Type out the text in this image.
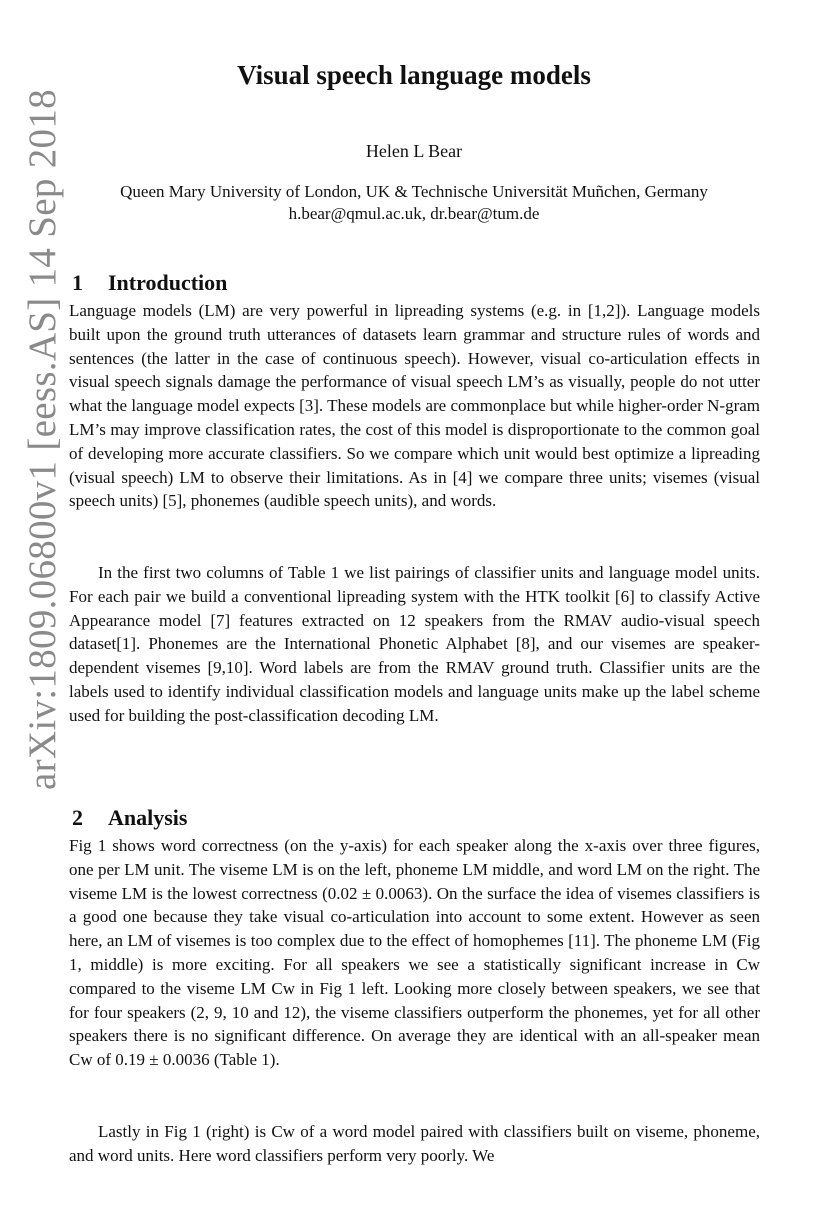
arXiv:1809.06800v1 [eess.AS] 14 Sep 2018
Visual speech language models
Helen L Bear
Queen Mary University of London, UK & Technische Universität Muñchen, Germany
h.bear@qmul.ac.uk, dr.bear@tum.de
1 Introduction

Language models (LM) are very powerful in lipreading systems (e.g. in [1,2]). Language models built upon the ground truth utterances of datasets learn grammar and structure rules of words and sentences (the latter in the case of continuous speech). However, visual co-articulation effects in visual speech signals damage the performance of visual speech LM’s as visually, people do not utter what the language model expects [3]. These models are commonplace but while higher-order N-gram LM’s may improve classification rates, the cost of this model is disproportionate to the common goal of developing more accurate classifiers. So we compare which unit would best optimize a lipreading (visual speech) LM to observe their limitations. As in [4] we compare three units; visemes (visual speech units) [5], phonemes (audible speech units), and words.

In the first two columns of Table 1 we list pairings of classifier units and language model units. For each pair we build a conventional lipreading system with the HTK toolkit [6] to classify Active Appearance model [7] features extracted on 12 speakers from the RMAV audio-visual speech dataset[1]. Phonemes are the International Phonetic Alphabet [8], and our visemes are speaker-dependent visemes [9,10]. Word labels are from the RMAV ground truth. Classifier units are the labels used to identify individual classification models and language units make up the label scheme used for building the post-classification decoding LM.

2 Analysis

Fig 1 shows word correctness (on the y-axis) for each speaker along the x-axis over three figures, one per LM unit. The viseme LM is on the left, phoneme LM middle, and word LM on the right. The viseme LM is the lowest correctness (0.02 ± 0.0063). On the surface the idea of visemes classifiers is a good one because they take visual co-articulation into account to some extent. However as seen here, an LM of visemes is too complex due to the effect of homophemes [11]. The phoneme LM (Fig 1, middle) is more exciting. For all speakers we see a statistically significant increase in Cw compared to the viseme LM Cw in Fig 1 left. Looking more closely between speakers, we see that for four speakers (2, 9, 10 and 12), the viseme classifiers outperform the phonemes, yet for all other speakers there is no significant difference. On average they are identical with an all-speaker mean Cw of 0.19 ± 0.0036 (Table 1).

Lastly in Fig 1 (right) is Cw of a word model paired with classifiers built on viseme, phoneme, and word units. Here word classifiers perform very poorly. We
